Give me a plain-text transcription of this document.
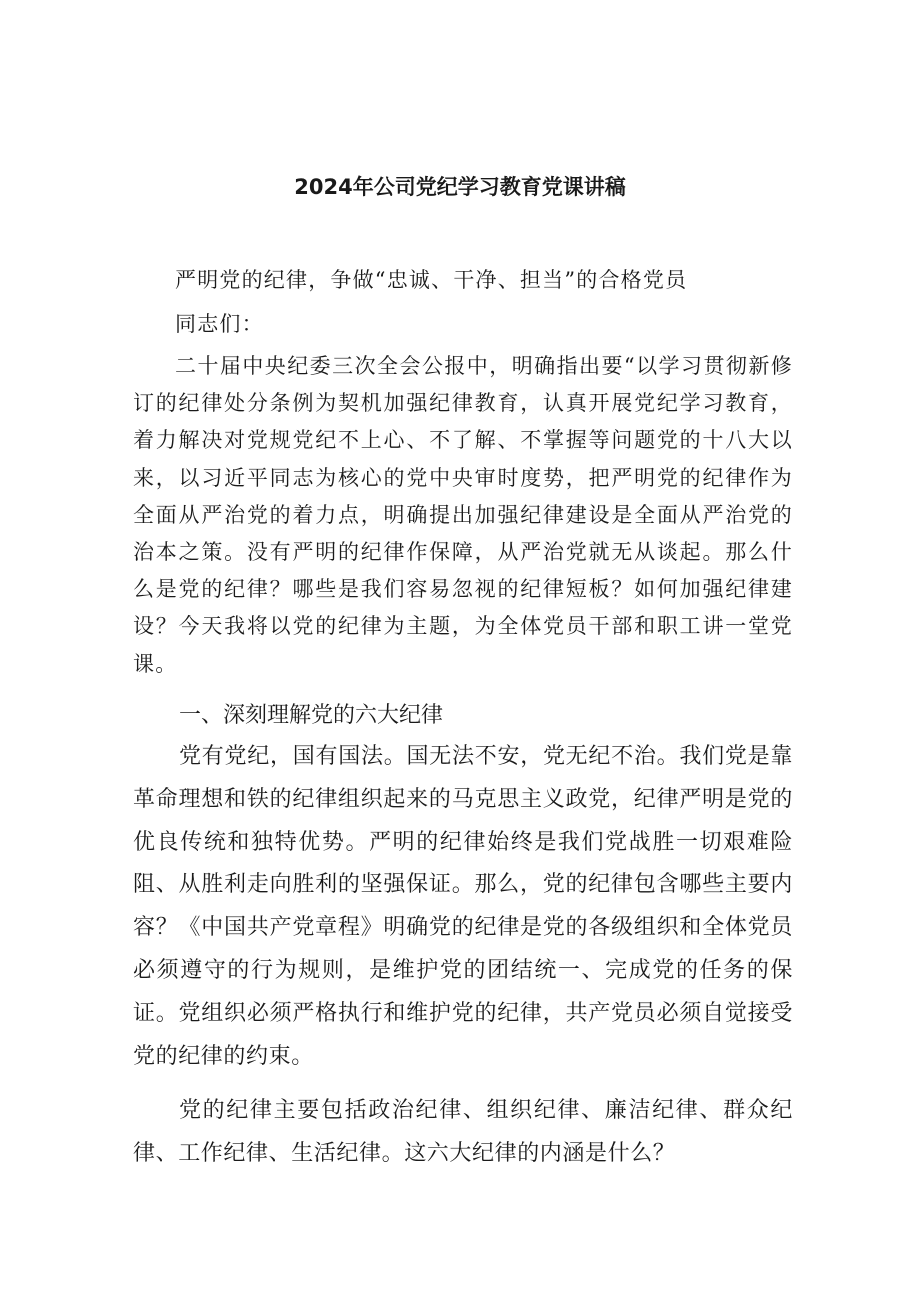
2024年公司党纪学习教育党课讲稿

严明党的纪律，争做“忠诚、干净、担当”的合格党员

同志们：

二十届中央纪委三次全会公报中，明确指出要“以学习贯彻新修订的纪律处分条例为契机加强纪律教育，认真开展党纪学习教育，着力解决对党规党纪不上心、不了解、不掌握等问题党的十八大以来，以习近平同志为核心的党中央审时度势，把严明党的纪律作为全面从严治党的着力点，明确提出加强纪律建设是全面从严治党的治本之策。没有严明的纪律作保障，从严治党就无从谈起。那么什么是党的纪律？哪些是我们容易忽视的纪律短板？如何加强纪律建设？今天我将以党的纪律为主题，为全体党员干部和职工讲一堂党课。

一、深刻理解党的六大纪律

党有党纪，国有国法。国无法不安，党无纪不治。我们党是靠革命理想和铁的纪律组织起来的马克思主义政党，纪律严明是党的优良传统和独特优势。严明的纪律始终是我们党战胜一切艰难险阻、从胜利走向胜利的坚强保证。那么，党的纪律包含哪些主要内容？《中国共产党章程》明确党的纪律是党的各级组织和全体党员必须遵守的行为规则，是维护党的团结统一、完成党的任务的保证。党组织必须严格执行和维护党的纪律，共产党员必须自觉接受党的纪律的约束。

党的纪律主要包括政治纪律、组织纪律、廉洁纪律、群众纪律、工作纪律、生活纪律。这六大纪律的内涵是什么？
